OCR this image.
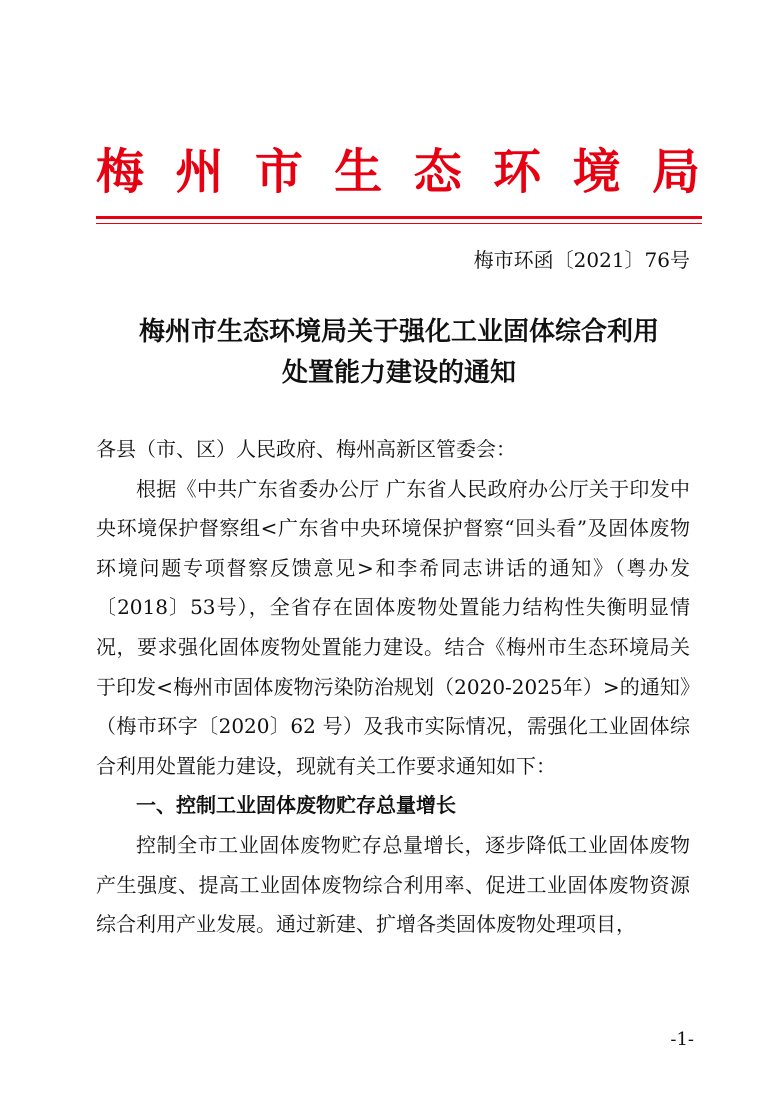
梅 州 市 生 态 环 境 局
梅市环函〔2021〕76号
梅州市生态环境局关于强化工业固体综合利用
处置能力建设的通知

各县（市、区）人民政府、梅州高新区管委会：

根据《中共广东省委办公厅 广东省人民政府办公厅关于印发中央环境保护督察组<广东省中央环境保护督察“回头看”及固体废物环境问题专项督察反馈意见>和李希同志讲话的通知》（粤办发〔2018〕53号），全省存在固体废物处置能力结构性失衡明显情况，要求强化固体废物处置能力建设。结合《梅州市生态环境局关于印发<梅州市固体废物污染防治规划（2020-2025年）>的通知》（梅市环字〔2020〕62 号）及我市实际情况，需强化工业固体综合利用处置能力建设，现就有关工作要求通知如下：

一、控制工业固体废物贮存总量增长

控制全市工业固体废物贮存总量增长，逐步降低工业固体废物产生强度、提高工业固体废物综合利用率、促进工业固体废物资源综合利用产业发展。通过新建、扩增各类固体废物处理项目，

-1-
